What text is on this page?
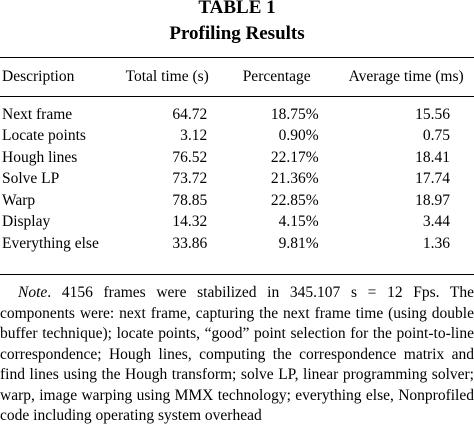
TABLE 1
Profiling Results
Description	Total time (s)	Percentage	Average time (ms)
Next frame	64.72	18.75%	15.56
Locate points	3.12	0.90%	0.75
Hough lines	76.52	22.17%	18.41
Solve LP	73.72	21.36%	17.74
Warp	78.85	22.85%	18.97
Display	14.32	4.15%	3.44
Everything else	33.86	9.81%	1.36
Note. 4156 frames were stabilized in 345.107 s = 12 Fps. The components were: next frame, capturing the next frame time (using double buffer technique); locate points, “good” point selection for the point-to-line correspondence; Hough lines, computing the correspondence matrix and find lines using the Hough transform; solve LP, linear programming solver; warp, image warping using MMX technology; everything else, Nonprofiled code including operating system overhead
